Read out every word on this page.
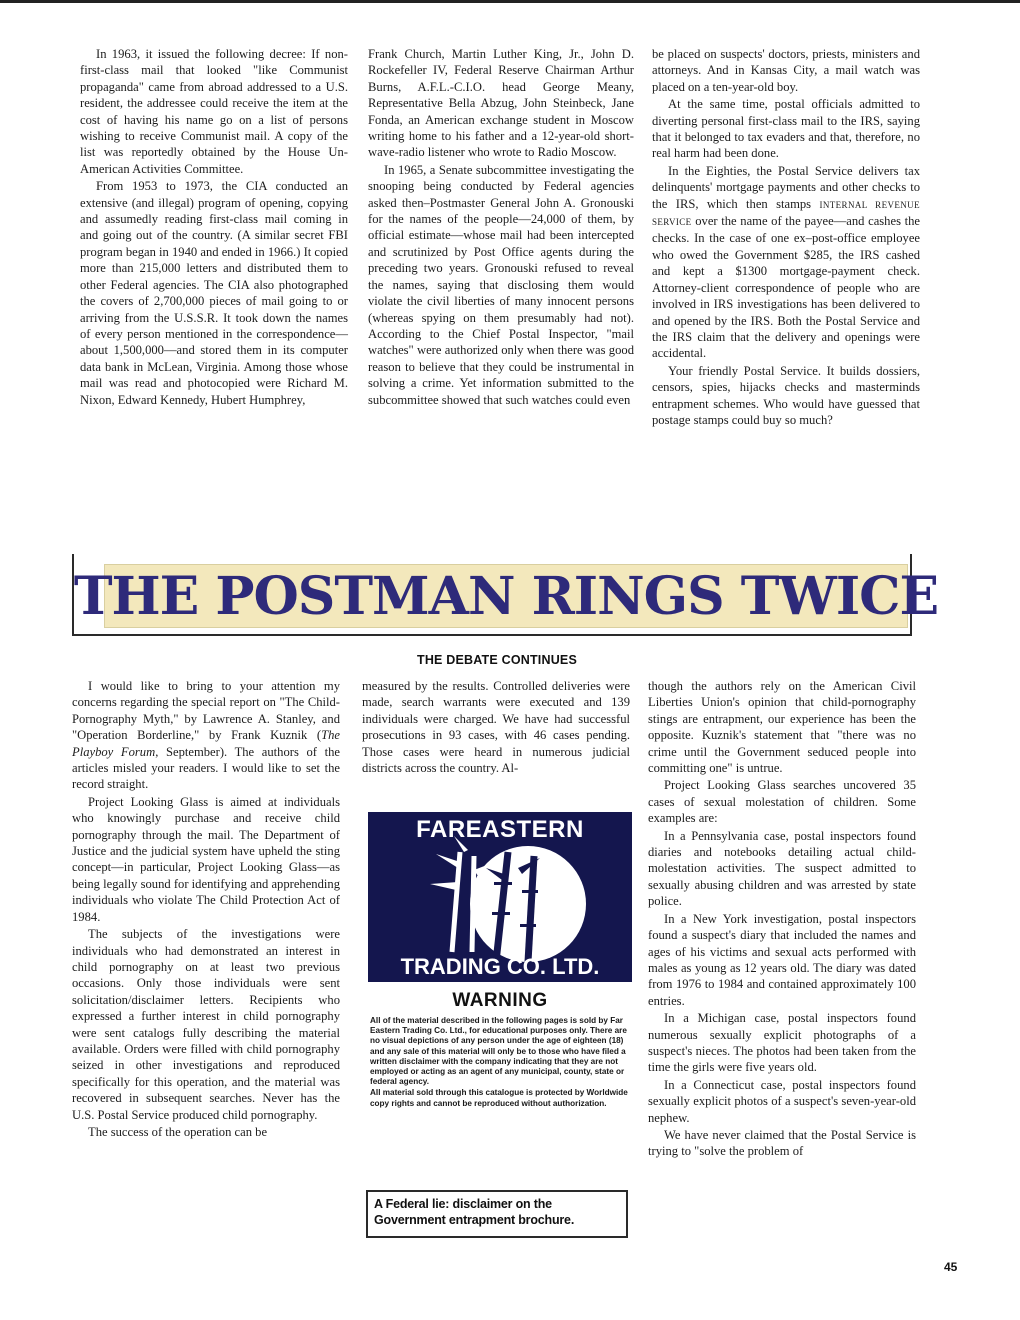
In 1963, it issued the following decree: If non-first-class mail that looked "like Communist propaganda" came from abroad addressed to a U.S. resident, the addressee could receive the item at the cost of having his name go on a list of persons wishing to receive Communist mail. A copy of the list was reportedly obtained by the House Un-American Activities Committee.

From 1953 to 1973, the CIA conducted an extensive (and illegal) program of opening, copying and assumedly reading first-class mail coming in and going out of the country. (A similar secret FBI program began in 1940 and ended in 1966.) It copied more than 215,000 letters and distributed them to other Federal agencies. The CIA also photographed the covers of 2,700,000 pieces of mail going to or arriving from the U.S.S.R. It took down the names of every person mentioned in the correspondence—about 1,500,000—and stored them in its computer data bank in McLean, Virginia. Among those whose mail was read and photocopied were Richard M. Nixon, Edward Kennedy, Hubert Humphrey,

Frank Church, Martin Luther King, Jr., John D. Rockefeller IV, Federal Reserve Chairman Arthur Burns, A.F.L.-C.I.O. head George Meany, Representative Bella Abzug, John Steinbeck, Jane Fonda, an American exchange student in Moscow writing home to his father and a 12-year-old short-wave-radio listener who wrote to Radio Moscow.

In 1965, a Senate subcommittee investigating the snooping being conducted by Federal agencies asked then–Postmaster General John A. Gronouski for the names of the people—24,000 of them, by official estimate—whose mail had been intercepted and scrutinized by Post Office agents during the preceding two years. Gronouski refused to reveal the names, saying that disclosing them would violate the civil liberties of many innocent persons (whereas spying on them presumably had not). According to the Chief Postal Inspector, "mail watches" were authorized only when there was good reason to believe that they could be instrumental in solving a crime. Yet information submitted to the subcommittee showed that such watches could even

be placed on suspects' doctors, priests, ministers and attorneys. And in Kansas City, a mail watch was placed on a ten-year-old boy.

At the same time, postal officials admitted to diverting personal first-class mail to the IRS, saying that it belonged to tax evaders and that, therefore, no real harm had been done.

In the Eighties, the Postal Service delivers tax delinquents' mortgage payments and other checks to the IRS, which then stamps INTERNAL REVENUE SERVICE over the name of the payee—and cashes the checks. In the case of one ex–post-office employee who owed the Government $285, the IRS cashed and kept a $1300 mortgage-payment check. Attorney-client correspondence of people who are involved in IRS investigations has been delivered to and opened by the IRS. Both the Postal Service and the IRS claim that the delivery and openings were accidental.

Your friendly Postal Service. It builds dossiers, censors, spies, hijacks checks and masterminds entrapment schemes. Who would have guessed that postage stamps could buy so much?

THE POSTMAN RINGS TWICE
THE DEBATE CONTINUES

I would like to bring to your attention my concerns regarding the special report on "The Child-Pornography Myth," by Lawrence A. Stanley, and "Operation Borderline," by Frank Kuznik (The Playboy Forum, September). The authors of the articles misled your readers. I would like to set the record straight.

Project Looking Glass is aimed at individuals who knowingly purchase and receive child pornography through the mail. The Department of Justice and the judicial system have upheld the sting concept—in particular, Project Looking Glass—as being legally sound for identifying and apprehending individuals who violate The Child Protection Act of 1984.

The subjects of the investigations were individuals who had demonstrated an interest in child pornography on at least two previous occasions. Only those individuals were sent solicitation/disclaimer letters. Recipients who expressed a further interest in child pornography were sent catalogs fully describing the material available. Orders were filled with child pornography seized in other investigations and reproduced specifically for this operation, and the material was recovered in subsequent searches. Never has the U.S. Postal Service produced child pornography.

The success of the operation can be

measured by the results. Controlled deliveries were made, search warrants were executed and 139 individuals were charged. We have had successful prosecutions in 93 cases, with 46 cases pending. Those cases were heard in numerous judicial districts across the country. Al-

though the authors rely on the American Civil Liberties Union's opinion that child-pornography stings are entrapment, our experience has been the opposite. Kuznik's statement that "there was no crime until the Government seduced people into committing one" is untrue.

Project Looking Glass searches uncovered 35 cases of sexual molestation of children. Some examples are:

In a Pennsylvania case, postal inspectors found diaries and notebooks detailing actual child-molestation activities. The suspect admitted to sexually abusing children and was arrested by state police.

In a New York investigation, postal inspectors found a suspect's diary that included the names and ages of his victims and sexual acts performed with males as young as 12 years old. The diary was dated from 1976 to 1984 and contained approximately 100 entries.

In a Michigan case, postal inspectors found numerous sexually explicit photographs of a suspect's nieces. The photos had been taken from the time the girls were five years old.

In a Connecticut case, postal inspectors found sexually explicit photos of a suspect's seven-year-old nephew.

We have never claimed that the Postal Service is trying to "solve the problem of

FAREASTERN
TRADING CO. LTD.
WARNING

All of the material described in the following pages is sold by Far Eastern Trading Co. Ltd., for educational purposes only. There are no visual depictions of any person under the age of eighteen (18) and any sale of this material will only be to those who have filed a written disclaimer with the company indicating that they are not employed or acting as an agent of any municipal, county, state or federal agency.

All material sold through this catalogue is protected by Worldwide copy rights and cannot be reproduced without authorization.

A Federal lie: disclaimer on the Government entrapment brochure.
45
